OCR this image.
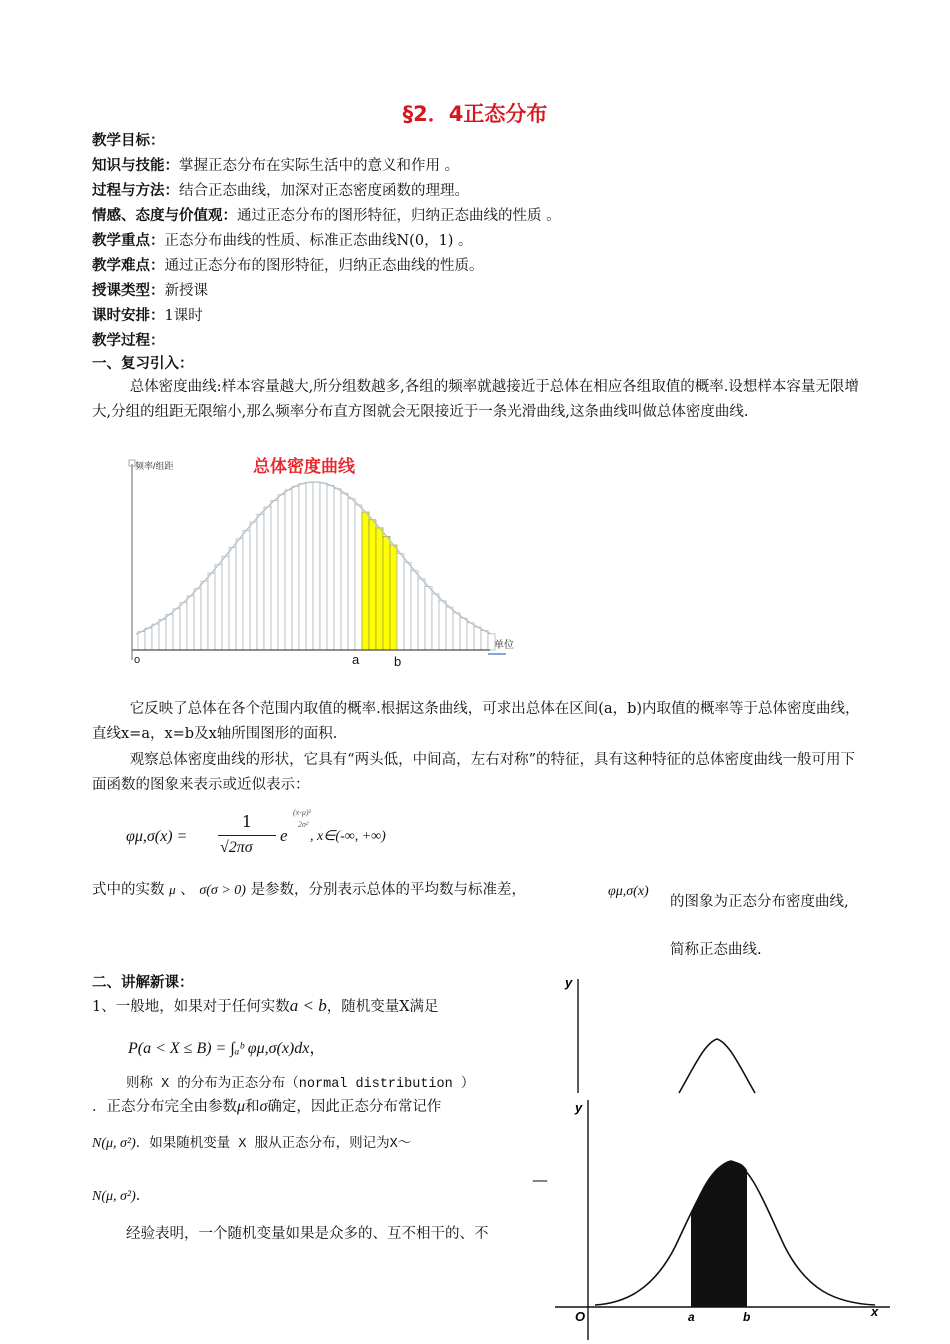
§2．4正态分布
教学目标：
知识与技能：掌握正态分布在实际生活中的意义和作用 。
过程与方法：结合正态曲线，加深对正态密度函数的理理。
情感、态度与价值观：通过正态分布的图形特征，归纳正态曲线的性质 。
教学重点：正态分布曲线的性质、标准正态曲线N(0，1) 。
教学难点：通过正态分布的图形特征，归纳正态曲线的性质。
授课类型：新授课
课时安排：1课时
教学过程：
一、复习引入：

总体密度曲线:样本容量越大,所分组数越多,各组的频率就越接近于总体在相应各组取值的概率.设想样本容量无限增大,分组的组距无限缩小,那么频率分布直方图就会无限接近于一条光滑曲线,这条曲线叫做总体密度曲线.

频率/组距	总体密度曲线
单位
o	a	b

它反映了总体在各个范围内取值的概率.根据这条曲线，可求出总体在区间(a，b)内取值的概率等于总体密度曲线，直线x=a，x=b及x轴所围图形的面积.

观察总体密度曲线的形状，它具有“两头低，中间高，左右对称”的特征，具有这种特征的总体密度曲线一般可用下面函数的图象来表示或近似表示：

φμ,σ(x) =
1
√2πσ
e
(x-μ)²
2σ²
, x∈(-∞, +∞)
式中的实数 μ 、 σ(σ > 0) 是参数，分别表示总体的平均数与标准差，	φμ,σ(x)
的图象为正态分布密度曲线,简称正态曲线.
二、讲解新课：
1、一般地，如果对于任何实数a < b，随机变量X满足
P(a < X ≤ B) = ∫ₐᵇ φμ,σ(x)dx，
则称 X 的分布为正态分布（normal distribution ）
．正态分布完全由参数μ和σ确定，因此正态分布常记作
N(μ, σ²)．如果随机变量 X 服从正态分布，则记为X～
N(μ, σ²)．
经验表明，一个随机变量如果是众多的、互不相干的、不
—
y
y
x
O	a	b
